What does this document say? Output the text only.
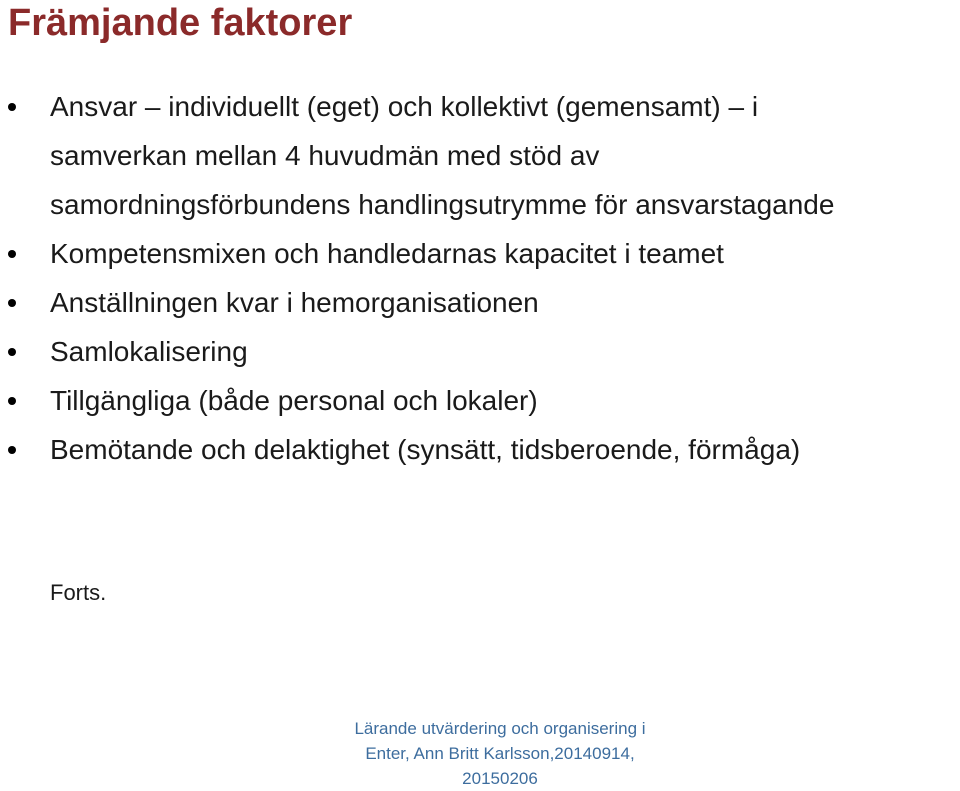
Främjande faktorer
Ansvar – individuellt (eget) och kollektivt (gemensamt) – i samverkan mellan 4 huvudmän med stöd av samordningsförbundens handlingsutrymme för ansvarstagande
Kompetensmixen och handledarnas kapacitet i teamet
Anställningen kvar i hemorganisationen
Samlokalisering
Tillgängliga (både personal och lokaler)
Bemötande och delaktighet (synsätt, tidsberoende, förmåga)
Forts.
Lärande utvärdering och organisering i
Enter, Ann Britt Karlsson,20140914,
20150206
